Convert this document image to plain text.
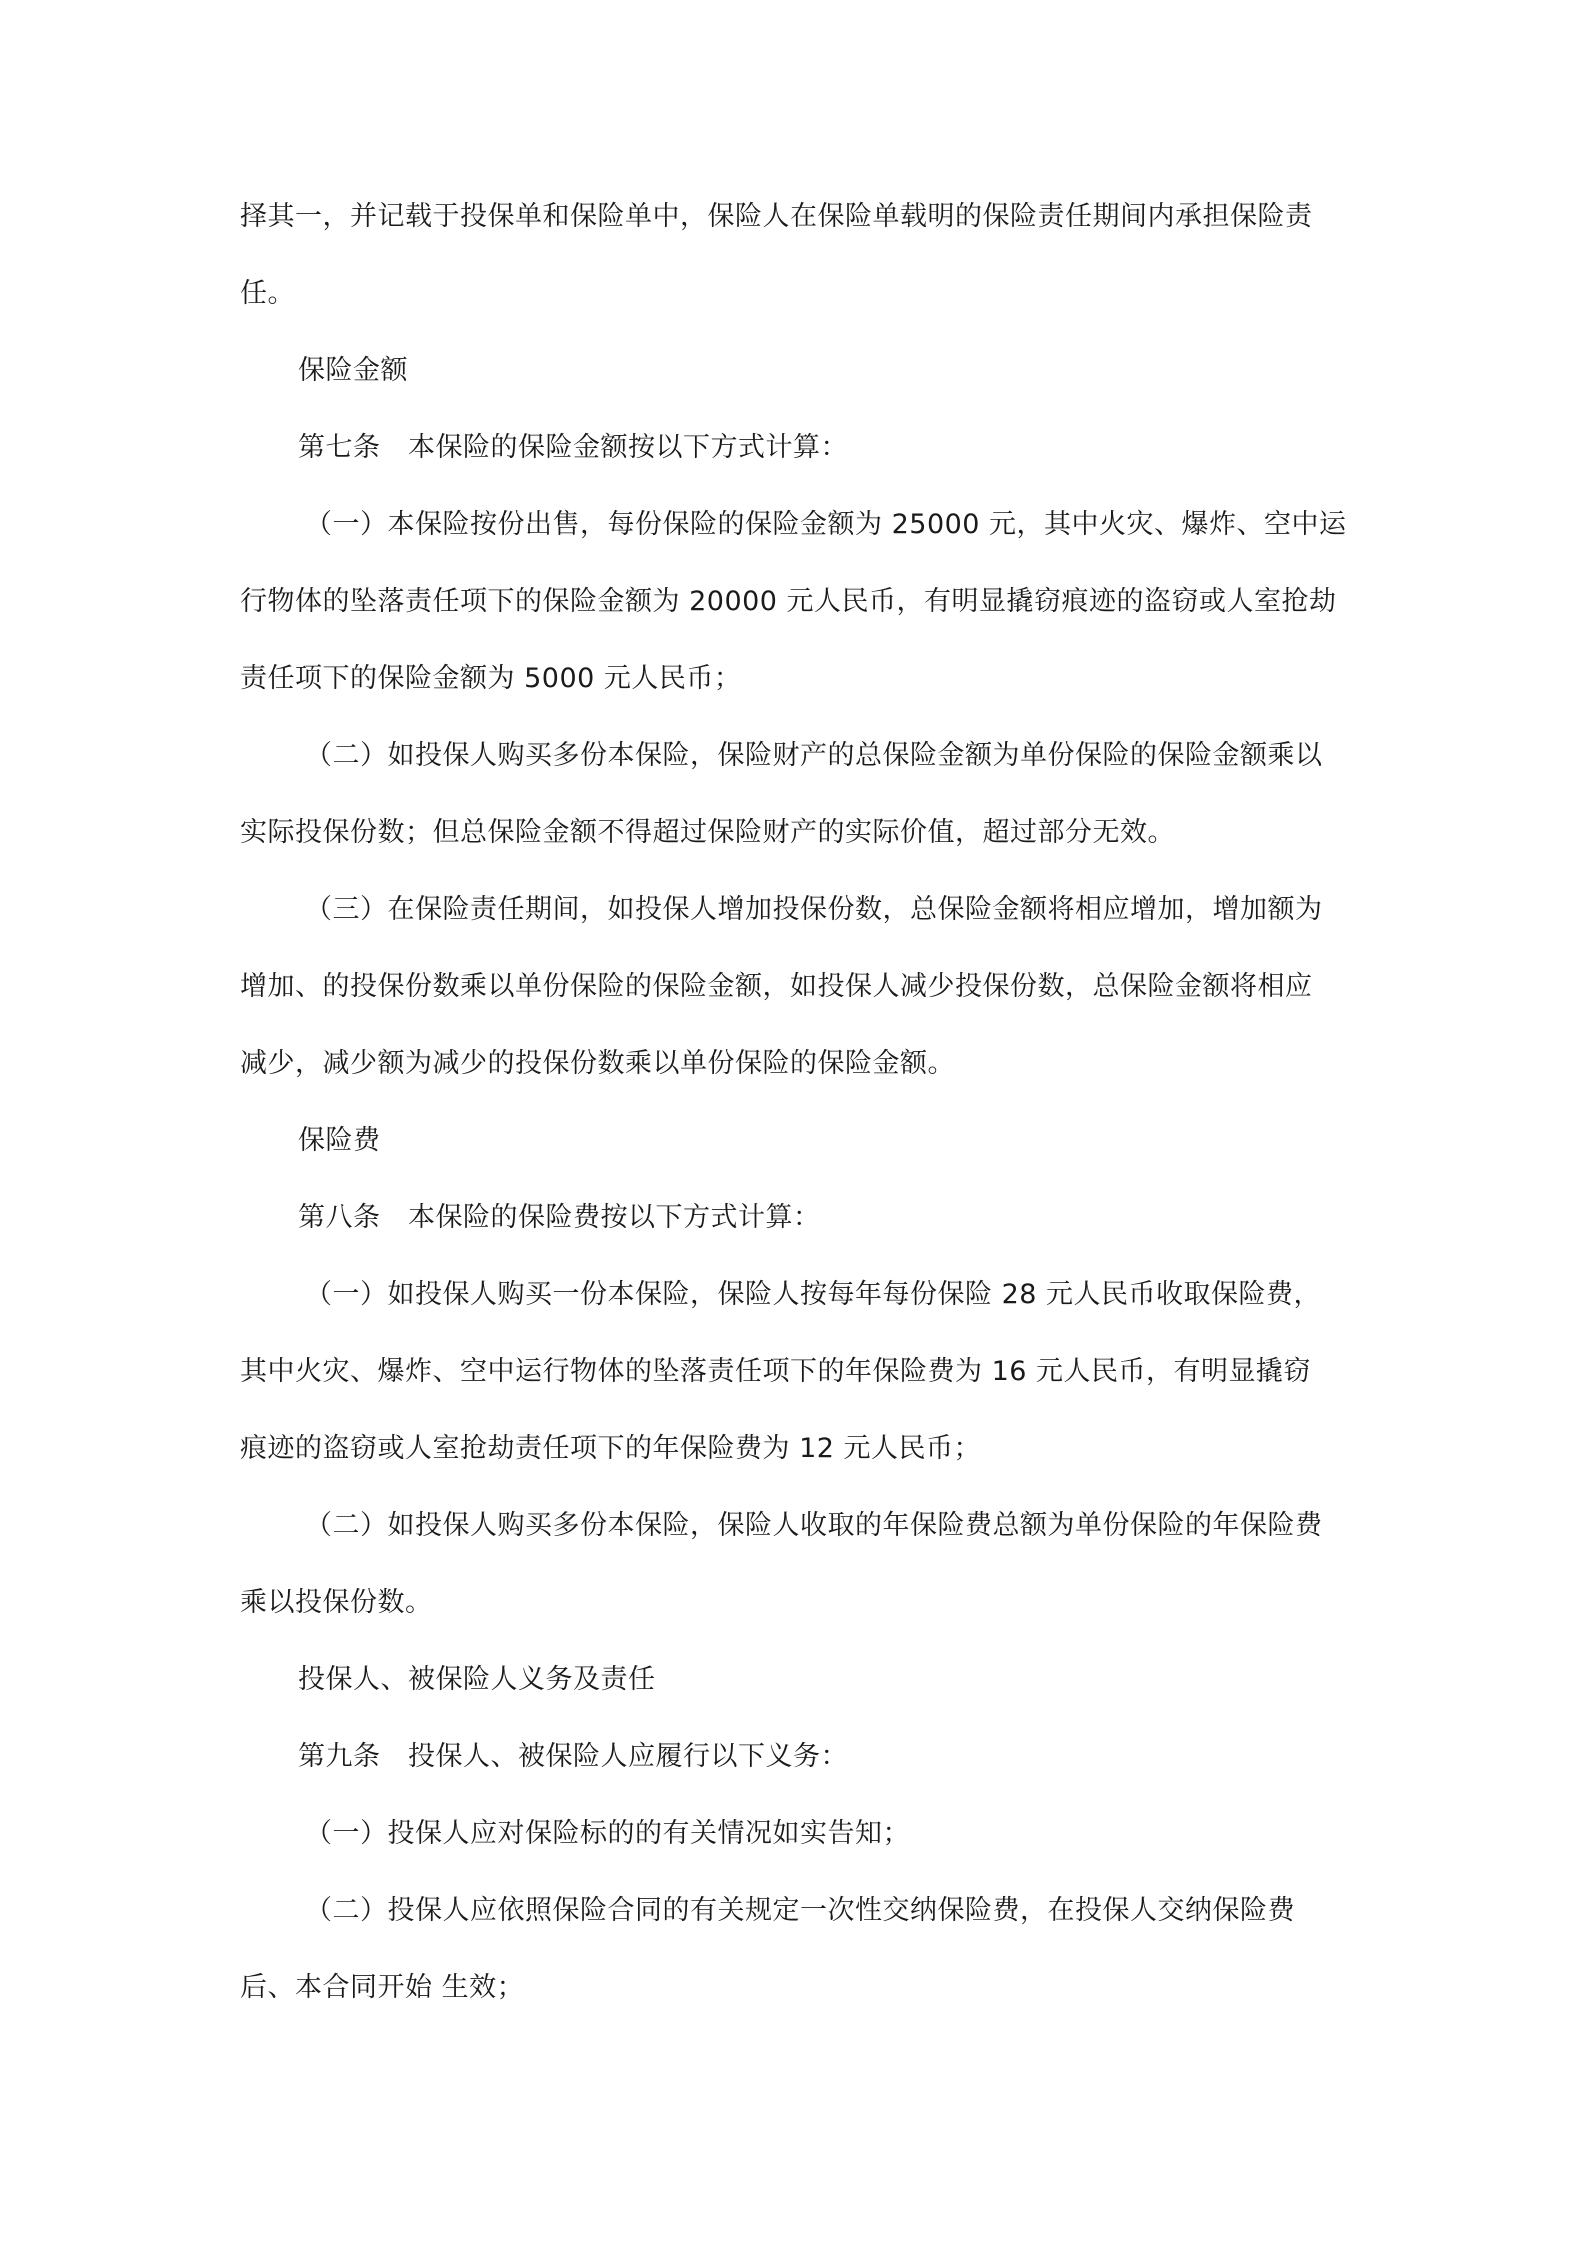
择其一，并记载于投保单和保险单中，保险人在保险单载明的保险责任期间内承担保险责
任。
保险金额
第七条　本保险的保险金额按以下方式计算：
（一）本保险按份出售，每份保险的保险金额为 25000 元，其中火灾、爆炸、空中运
行物体的坠落责任项下的保险金额为 20000 元人民币，有明显撬窃痕迹的盗窃或人室抢劫
责任项下的保险金额为 5000 元人民币；
（二）如投保人购买多份本保险，保险财产的总保险金额为单份保险的保险金额乘以
实际投保份数；但总保险金额不得超过保险财产的实际价值，超过部分无效。
（三）在保险责任期间，如投保人增加投保份数，总保险金额将相应增加，增加额为
增加、的投保份数乘以单份保险的保险金额，如投保人减少投保份数，总保险金额将相应
减少，减少额为减少的投保份数乘以单份保险的保险金额。
保险费
第八条　本保险的保险费按以下方式计算：
（一）如投保人购买一份本保险，保险人按每年每份保险 28 元人民币收取保险费，
其中火灾、爆炸、空中运行物体的坠落责任项下的年保险费为 16 元人民币，有明显撬窃
痕迹的盗窃或人室抢劫责任项下的年保险费为 12 元人民币；
（二）如投保人购买多份本保险，保险人收取的年保险费总额为单份保险的年保险费
乘以投保份数。
投保人、被保险人义务及责任
第九条　投保人、被保险人应履行以下义务：
（一）投保人应对保险标的的有关情况如实告知；
（二）投保人应依照保险合同的有关规定一次性交纳保险费，在投保人交纳保险费
后、本合同开始 生效；
